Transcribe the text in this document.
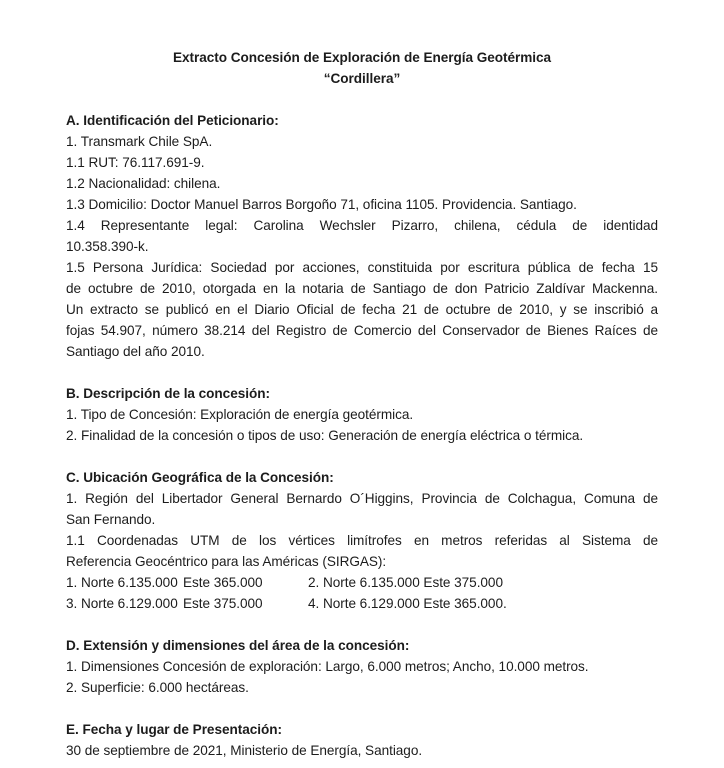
Extracto Concesión de Exploración de Energía Geotérmica
“Cordillera”
A. Identificación del Peticionario:
1. Transmark Chile SpA.
1.1 RUT: 76.117.691-9.
1.2 Nacionalidad: chilena.
1.3 Domicilio: Doctor Manuel Barros Borgoño 71, oficina 1105. Providencia. Santiago.
1.4 Representante legal: Carolina Wechsler Pizarro, chilena, cédula de identidad
10.358.390-k.
1.5 Persona Jurídica: Sociedad por acciones, constituida por escritura pública de fecha 15
de octubre de 2010, otorgada en la notaria de Santiago de don Patricio Zaldívar Mackenna.
Un extracto se publicó en el Diario Oficial de fecha 21 de octubre de 2010, y se inscribió a
fojas 54.907, número 38.214 del Registro de Comercio del Conservador de Bienes Raíces de
Santiago del año 2010.
B. Descripción de la concesión:
1. Tipo de Concesión: Exploración de energía geotérmica.
2. Finalidad de la concesión o tipos de uso: Generación de energía eléctrica o térmica.
C. Ubicación Geográfica de la Concesión:
1. Región del Libertador General Bernardo O´Higgins, Provincia de Colchagua, Comuna de
San Fernando.
1.1 Coordenadas UTM de los vértices limítrofes en metros referidas al Sistema de
Referencia Geocéntrico para las Américas (SIRGAS):
1. Norte 6.135.000 Este 365.000	2. Norte 6.135.000 Este 375.000
3. Norte 6.129.000 Este 375.000	4. Norte 6.129.000 Este 365.000.
D. Extensión y dimensiones del área de la concesión:
1. Dimensiones Concesión de exploración: Largo, 6.000 metros; Ancho, 10.000 metros.
2. Superficie: 6.000 hectáreas.
E. Fecha y lugar de Presentación:
30 de septiembre de 2021, Ministerio de Energía, Santiago.
